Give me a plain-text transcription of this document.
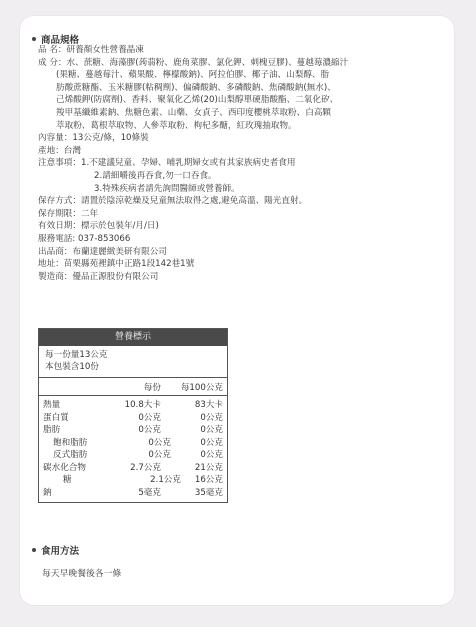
商品規格
品 名： 研養顏女性營養晶凍
成 分： 水、蔗糖、海藻膠(蒟蒻粉、鹿角菜膠、氯化鉀、刺槐豆膠)、蔓越莓濃縮汁
(果糖、蔓越莓汁、蘋果酸、檸檬酸鈉)、阿拉伯膠、椰子油、山梨醇、脂
肪酸蔗糖酯、玉米糖膠(粘稠劑)、偏磷酸鈉、多磷酸鈉、焦磷酸鈉(無水)、
己烯酸鉀(防腐劑)、香料、聚氧化乙烯(20)山梨醇單硬脂酸酯、二氧化矽、
羧甲基纖維素鈉、焦糖色素、山藥、女貞子、西印度櫻桃萃取粉、白高顆
萃取粉、葛根萃取物、人參萃取粉、枸杞多醣，紅玫瑰抽取物。
內容量：13公克/條，10條裝
產地：台灣
注意事項： 1.不建議兒童、孕婦、哺乳期婦女或有其家族病史者食用
2.請細嚼後再吞食,勿一口吞食。
3.特殊疾病者請先詢問醫師或營養師。
保存方式：請置於陰涼乾燥及兒童無法取得之處,避免高溫、陽光直射。
保存期限：二年
有效日期：標示於包裝年/月/日)
服務電話: 037-853066
出品商：布蘭達麗緻美研有限公司
地址：苗栗縣苑裡鎮中正路1段142巷1號
製造商：優品正源股份有限公司
營養標示
每一份量13公克
本包裝含10份
每份	每100公克
熱量	10.8大卡	83大卡
蛋白質	0公克	0公克
脂肪	0公克	0公克
飽和脂肪	0公克	0公克
反式脂肪	0公克	0公克
碳水化合物	2.7公克	21公克
糖	2.1公克	16公克
鈉	5毫克	35毫克
食用方法
每天早晚餐後各一條
